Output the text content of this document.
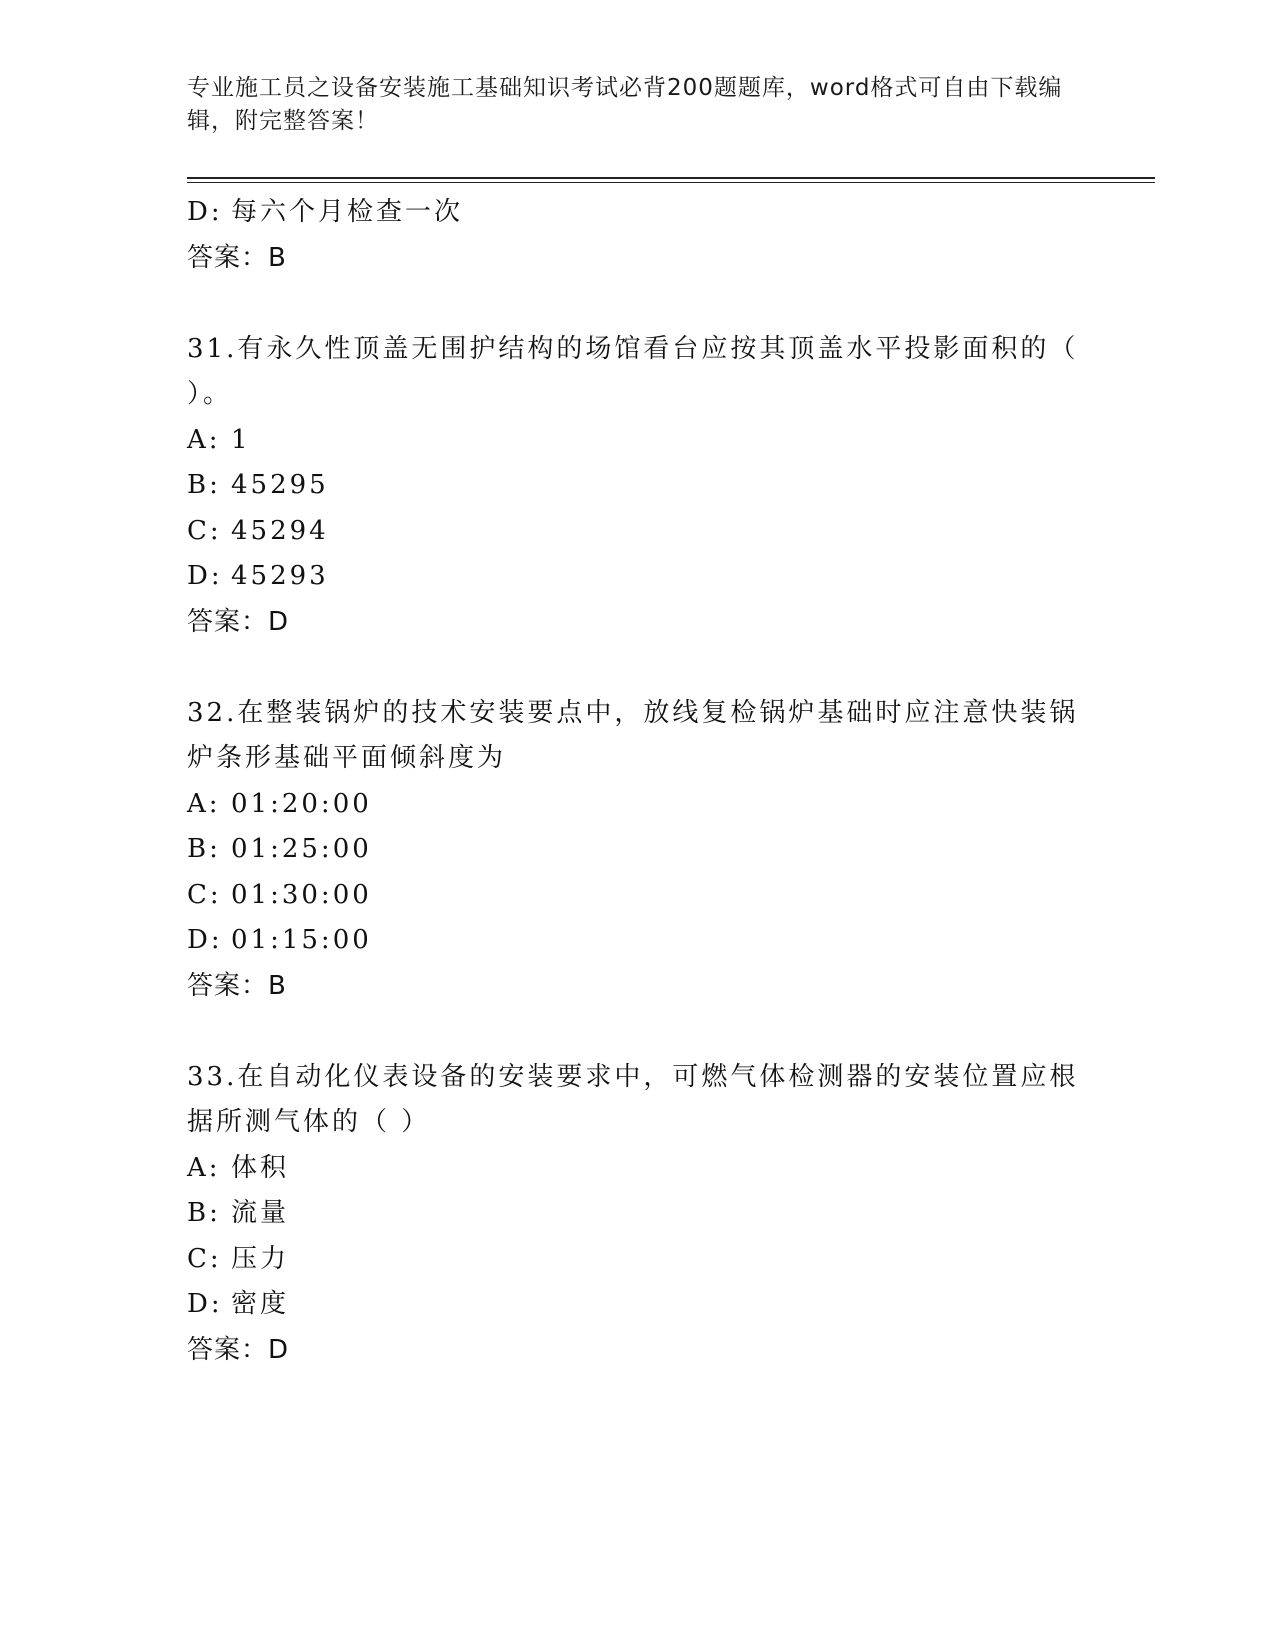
专业施工员之设备安装施工基础知识考试必背200题题库，word格式可自由下载编辑，附完整答案！
D: 每六个月检查一次
答案：B
31.有永久性顶盖无围护结构的场馆看台应按其顶盖水平投影面积的（
）。
A: 1
B: 45295
C: 45294
D: 45293
答案：D
32.在整装锅炉的技术安装要点中，放线复检锅炉基础时应注意快装锅
炉条形基础平面倾斜度为
A: 01:20:00
B: 01:25:00
C: 01:30:00
D: 01:15:00
答案：B
33.在自动化仪表设备的安装要求中，可燃气体检测器的安装位置应根
据所测气体的（ ）
A: 体积
B: 流量
C: 压力
D: 密度
答案：D
